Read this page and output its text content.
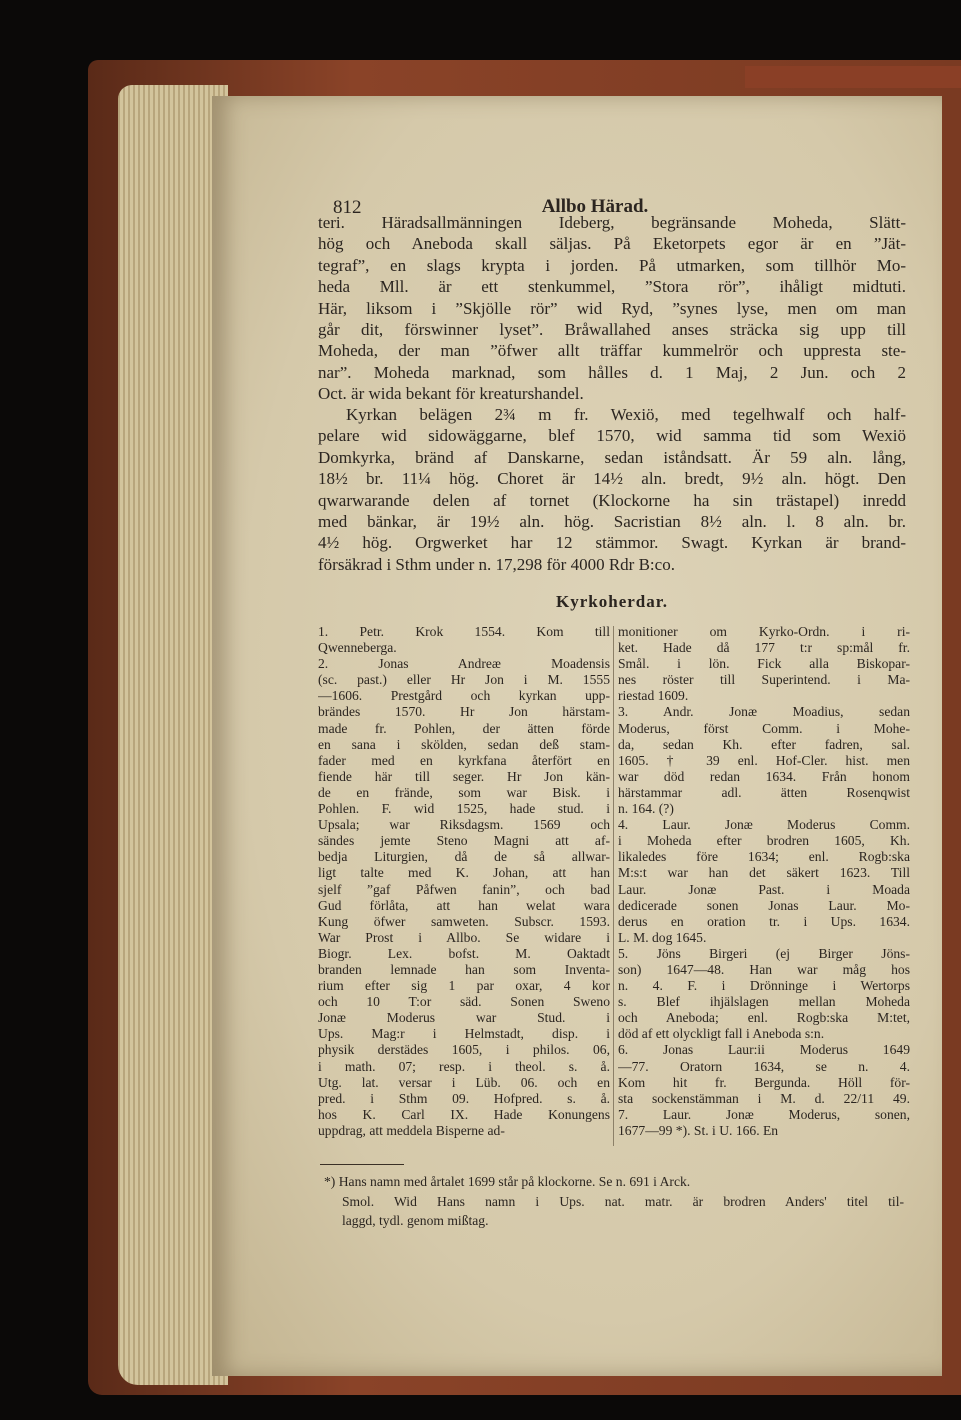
812	Allbo Härad.
teri. Häradsallmänningen Ideberg, begränsande Moheda, Slätt-
hög och Aneboda skall säljas. På Eketorpets egor är en ”Jät-
tegraf”, en slags krypta i jorden. På utmarken, som tillhör Mo-
heda Mll. är ett stenkummel, ”Stora rör”, ihåligt midtuti.
Här, liksom i ”Skjölle rör” wid Ryd, ”synes lyse, men om man
går dit, förswinner lyset”. Bråwallahed anses sträcka sig upp till
Moheda, der man ”öfwer allt träffar kummelrör och uppresta ste-
nar”. Moheda marknad, som hålles d. 1 Maj, 2 Jun. och 2
Oct. är wida bekant för kreaturshandel.
Kyrkan belägen 2¾ m fr. Wexiö, med tegelhwalf och half-
pelare wid sidowäggarne, blef 1570, wid samma tid som Wexiö
Domkyrka, bränd af Danskarne, sedan iståndsatt. Är 59 aln. lång,
18½ br. 11¼ hög. Choret är 14½ aln. bredt, 9½ aln. högt. Den
qwarwarande delen af tornet (Klockorne ha sin trästapel) inredd
med bänkar, är 19½ aln. hög. Sacristian 8½ aln. l. 8 aln. br.
4½ hög. Orgwerket har 12 stämmor. Swagt. Kyrkan är brand-
försäkrad i Sthm under n. 17,298 för 4000 Rdr B:co.
Kyrkoherdar.
1. Petr. Krok 1554. Kom till
Qwenneberga.
2. Jonas Andreæ Moadensis
(sc. past.) eller Hr Jon i M. 1555
—1606. Prestgård och kyrkan upp-
brändes 1570. Hr Jon härstam-
made fr. Pohlen, der ätten förde
en sana i skölden, sedan deß stam-
fader med en kyrkfana återfört en
fiende här till seger. Hr Jon kän-
de en frände, som war Bisk. i
Pohlen. F. wid 1525, hade stud. i
Upsala; war Riksdagsm. 1569 och
sändes jemte Steno Magni att af-
bedja Liturgien, då de så allwar-
ligt talte med K. Johan, att han
sjelf ”gaf Påfwen fanin”, och bad
Gud förlåta, att han welat wara
Kung öfwer samweten. Subscr. 1593.
War Prost i Allbo. Se widare i
Biogr. Lex. bofst. M. Oaktadt
branden lemnade han som Inventa-
rium efter sig 1 par oxar, 4 kor
och 10 T:or säd. Sonen Sweno
Jonæ Moderus war Stud. i
Ups. Mag:r i Helmstadt, disp. i
physik derstädes 1605, i philos. 06,
i math. 07; resp. i theol. s. å.
Utg. lat. versar i Lüb. 06. och en
pred. i Sthm 09. Hofpred. s. å.
hos K. Carl IX. Hade Konungens
uppdrag, att meddela Bisperne ad-
monitioner om Kyrko-Ordn. i ri-
ket. Hade då 177 t:r sp:mål fr.
Smål. i lön. Fick alla Biskopar-
nes röster till Superintend. i Ma-
riestad 1609.
3. Andr. Jonæ Moadius, sedan
Moderus, först Comm. i Mohe-
da, sedan Kh. efter fadren, sal.
1605. † 39 enl. Hof-Cler. hist. men
war död redan 1634. Från honom
härstammar adl. ätten Rosenqwist
n. 164. (?)
4. Laur. Jonæ Moderus Comm.
i Moheda efter brodren 1605, Kh.
likaledes före 1634; enl. Rogb:ska
M:s:t war han det säkert 1623. Till
Laur. Jonæ Past. i Moada
dedicerade sonen Jonas Laur. Mo-
derus en oration tr. i Ups. 1634.
L. M. dog 1645.
5. Jöns Birgeri (ej Birger Jöns-
son) 1647—48. Han war måg hos
n. 4. F. i Drönninge i Wertorps
s. Blef ihjälslagen mellan Moheda
och Aneboda; enl. Rogb:ska M:tet,
död af ett olyckligt fall i Aneboda s:n.
6. Jonas Laur:ii Moderus 1649
—77. Oratorn 1634, se n. 4.
Kom hit fr. Bergunda. Höll för-
sta sockenstämman i M. d. 22/11 49.
7. Laur. Jonæ Moderus, sonen,
1677—99 *). St. i U. 166. En
*) Hans namn med årtalet 1699 står på klockorne. Se n. 691 i Arck.
Smol. Wid Hans namn i Ups. nat. matr. är brodren Anders' titel til-
laggd, tydl. genom mißtag.
